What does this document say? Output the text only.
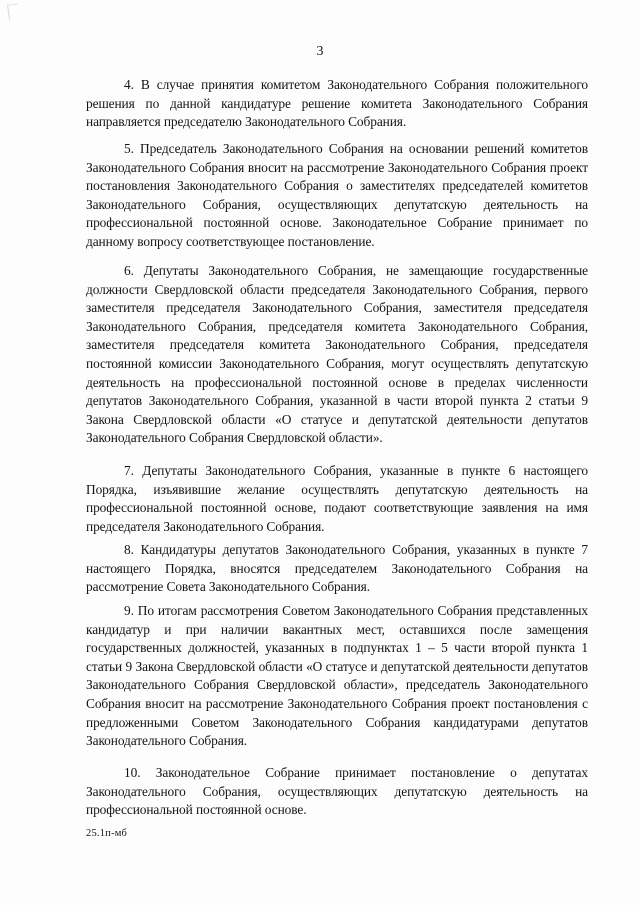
3

4. В случае принятия комитетом Законодательного Собрания положительного решения по данной кандидатуре решение комитета Законодательного Собрания направляется председателю Законодательного Собрания.

5. Председатель Законодательного Собрания на основании решений комитетов Законодательного Собрания вносит на рассмотрение Законодательного Собрания проект постановления Законодательного Собрания о заместителях председателей комитетов Законодательного Собрания, осуществляющих депутатскую деятельность на профессиональной постоянной основе. Законодательное Собрание принимает по данному вопросу соответствующее постановление.

6. Депутаты Законодательного Собрания, не замещающие государственные должности Свердловской области председателя Законодательного Собрания, первого заместителя председателя Законодательного Собрания, заместителя председателя Законодательного Собрания, председателя комитета Законодательного Собрания, заместителя председателя комитета Законодательного Собрания, председателя постоянной комиссии Законодательного Собрания, могут осуществлять депутатскую деятельность на профессиональной постоянной основе в пределах численности депутатов Законодательного Собрания, указанной в части второй пункта 2 статьи 9 Закона Свердловской области «О статусе и депутатской деятельности депутатов Законодательного Собрания Свердловской области».

7. Депутаты Законодательного Собрания, указанные в пункте 6 настоящего Порядка, изъявившие желание осуществлять депутатскую деятельность на профессиональной постоянной основе, подают соответствующие заявления на имя председателя Законодательного Собрания.

8. Кандидатуры депутатов Законодательного Собрания, указанных в пункте 7 настоящего Порядка, вносятся председателем Законодательного Собрания на рассмотрение Совета Законодательного Собрания.

9. По итогам рассмотрения Советом Законодательного Собрания представленных кандидатур и при наличии вакантных мест, оставшихся после замещения государственных должностей, указанных в подпунктах 1 – 5 части второй пункта 1 статьи 9 Закона Свердловской области «О статусе и депутатской деятельности депутатов Законодательного Собрания Свердловской области», председатель Законодательного Собрания вносит на рассмотрение Законодательного Собрания проект постановления с предложенными Советом Законодательного Собрания кандидатурами депутатов Законодательного Собрания.

10. Законодательное Собрание принимает постановление о депутатах Законодательного Собрания, осуществляющих депутатскую деятельность на профессиональной постоянной основе.

25.1п-мб
